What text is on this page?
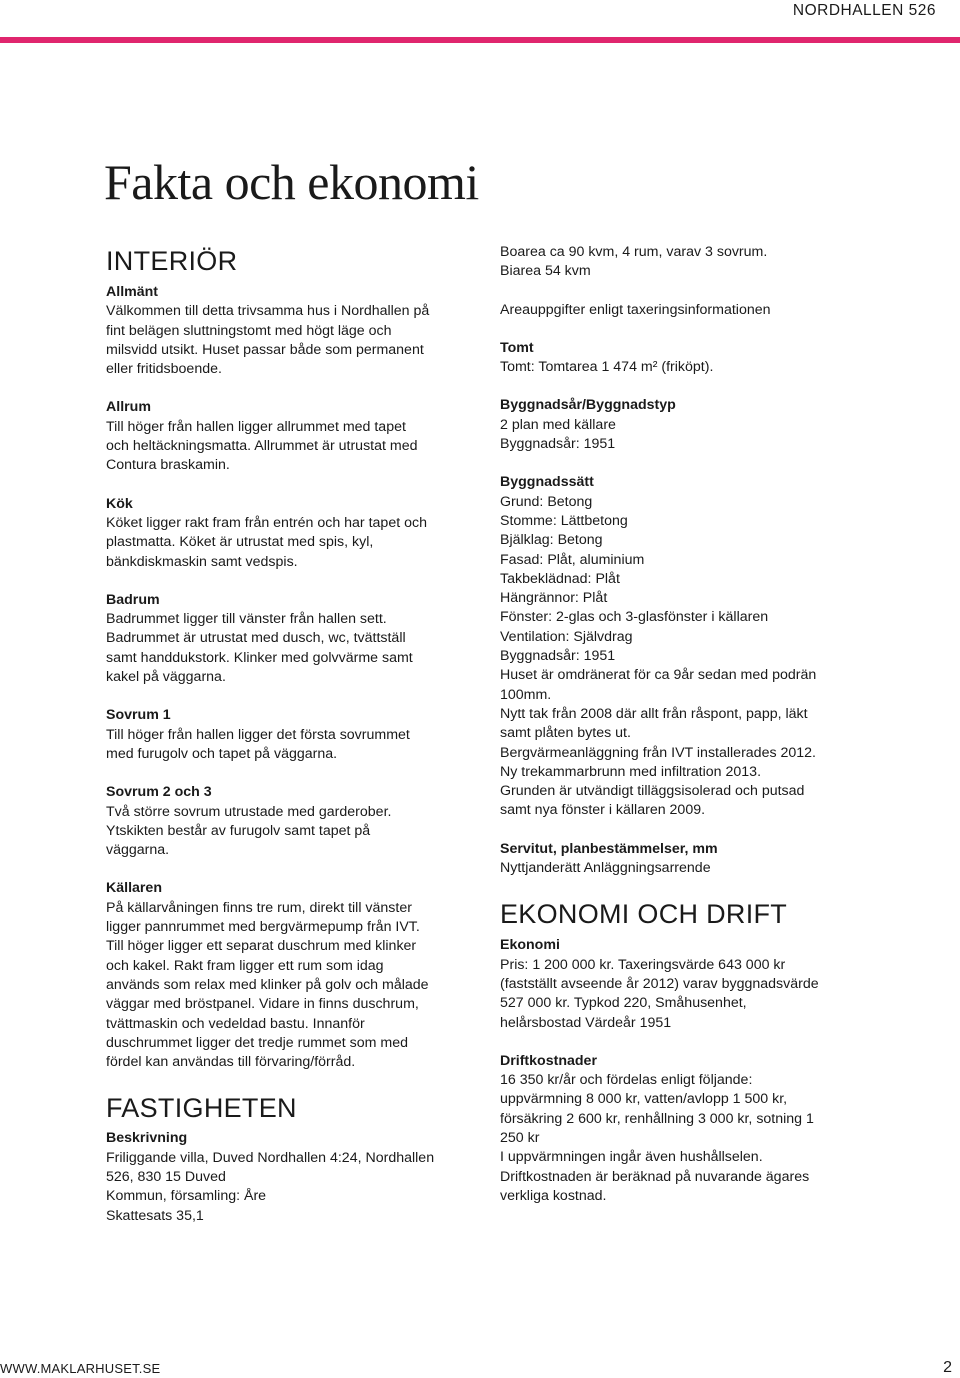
NORDHALLEN 526
Fakta och ekonomi
INTERIÖR

Allmänt

Välkommen till detta trivsamma hus i Nordhallen på

fint belägen sluttningstomt med högt läge och

milsvidd utsikt. Huset passar både som permanent

eller fritidsboende.

Allrum

Till höger från hallen ligger allrummet med tapet

och heltäckningsmatta. Allrummet är utrustat med

Contura braskamin.

Kök

Köket ligger rakt fram från entrén och har tapet och

plastmatta. Köket är utrustat med spis, kyl,

bänkdiskmaskin samt vedspis.

Badrum

Badrummet ligger till vänster från hallen sett.

Badrummet är utrustat med dusch, wc, tvättställ

samt handdukstork. Klinker med golvvärme samt

kakel på väggarna.

Sovrum 1

Till höger från hallen ligger det första sovrummet

med furugolv och tapet på väggarna.

Sovrum 2 och 3

Två större sovrum utrustade med garderober.

Ytskikten består av furugolv samt tapet på

väggarna.

Källaren

På källarvåningen finns tre rum, direkt till vänster

ligger pannrummet med bergvärmepump från IVT.

Till höger ligger ett separat duschrum med klinker

och kakel. Rakt fram ligger ett rum som idag

används som relax med klinker på golv och målade

väggar med bröstpanel. Vidare in finns duschrum,

tvättmaskin och vedeldad bastu. Innanför

duschrummet ligger det tredje rummet som med

fördel kan användas till förvaring/förråd.

FASTIGHETEN

Beskrivning

Friliggande villa, Duved Nordhallen 4:24, Nordhallen

526, 830 15 Duved

Kommun, församling: Åre

Skattesats 35,1

Boarea ca 90 kvm, 4 rum, varav 3 sovrum.

Biarea 54 kvm

Areauppgifter enligt taxeringsinformationen

Tomt

Tomt: Tomtarea 1 474 m² (friköpt).

Byggnadsår/Byggnadstyp

2 plan med källare

Byggnadsår: 1951

Byggnadssätt

Grund: Betong

Stomme: Lättbetong

Bjälklag: Betong

Fasad: Plåt, aluminium

Takbeklädnad: Plåt

Hängrännor: Plåt

Fönster: 2-glas och 3-glasfönster i källaren

Ventilation: Självdrag

Byggnadsår: 1951

Huset är omdränerat för ca 9år sedan med podrän

100mm.

Nytt tak från 2008 där allt från råspont, papp, läkt

samt plåten bytes ut.

Bergvärmeanläggning från IVT installerades 2012.

Ny trekammarbrunn med infiltration 2013.

Grunden är utvändigt tilläggsisolerad och putsad

samt nya fönster i källaren 2009.

Servitut, planbestämmelser, mm

Nyttjanderätt Anläggningsarrende

EKONOMI OCH DRIFT

Ekonomi

Pris: 1 200 000 kr. Taxeringsvärde 643 000 kr

(fastställt avseende år 2012) varav byggnadsvärde

527 000 kr. Typkod 220, Småhusenhet,

helårsbostad Värdeår 1951

Driftkostnader

16 350 kr/år och fördelas enligt följande:

uppvärmning 8 000 kr, vatten/avlopp 1 500 kr,

försäkring 2 600 kr, renhållning 3 000 kr, sotning 1

250 kr

I uppvärmningen ingår även hushållselen.

Driftkostnaden är beräknad på nuvarande ägares

verkliga kostnad.

WWW.MAKLARHUSET.SE	2
